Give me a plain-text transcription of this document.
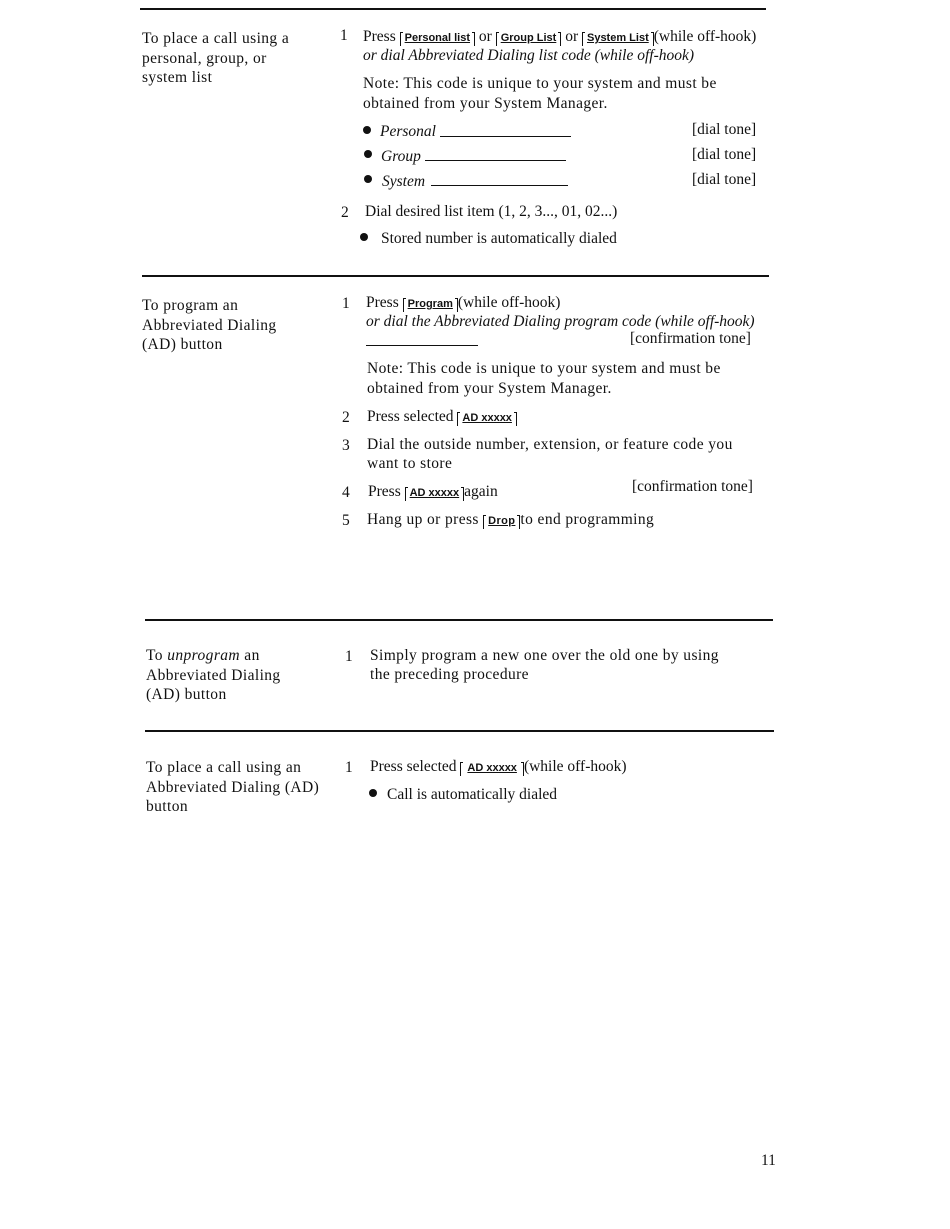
To place a call using a personal, group, or system list
1 Press Personal list or Group List or System List (while off-hook)
or dial Abbreviated Dialing list code (while off-hook)
Note: This code is unique to your system and must be
obtained from your System Manager.
Personal	[dial tone]
Group	[dial tone]
System	[dial tone]
2 Dial desired list item (1, 2, 3..., 01, 02...)
Stored number is automatically dialed
To program an Abbreviated Dialing (AD) button
1 Press Program (while off-hook)
or dial the Abbreviated Dialing program code (while off-hook)
[confirmation tone]
Note: This code is unique to your system and must be
obtained from your System Manager.
2 Press selected AD xxxxx
3 Dial the outside number, extension, or feature code you
want to store
4 Press AD xxxxx again	[confirmation tone]
5 Hang up or press Drop to end programming
To unprogram an Abbreviated Dialing (AD) button
1 Simply program a new one over the old one by using
the preceding procedure
To place a call using an Abbreviated Dialing (AD) button
1 Press selected AD xxxxx (while off-hook)
Call is automatically dialed
11
